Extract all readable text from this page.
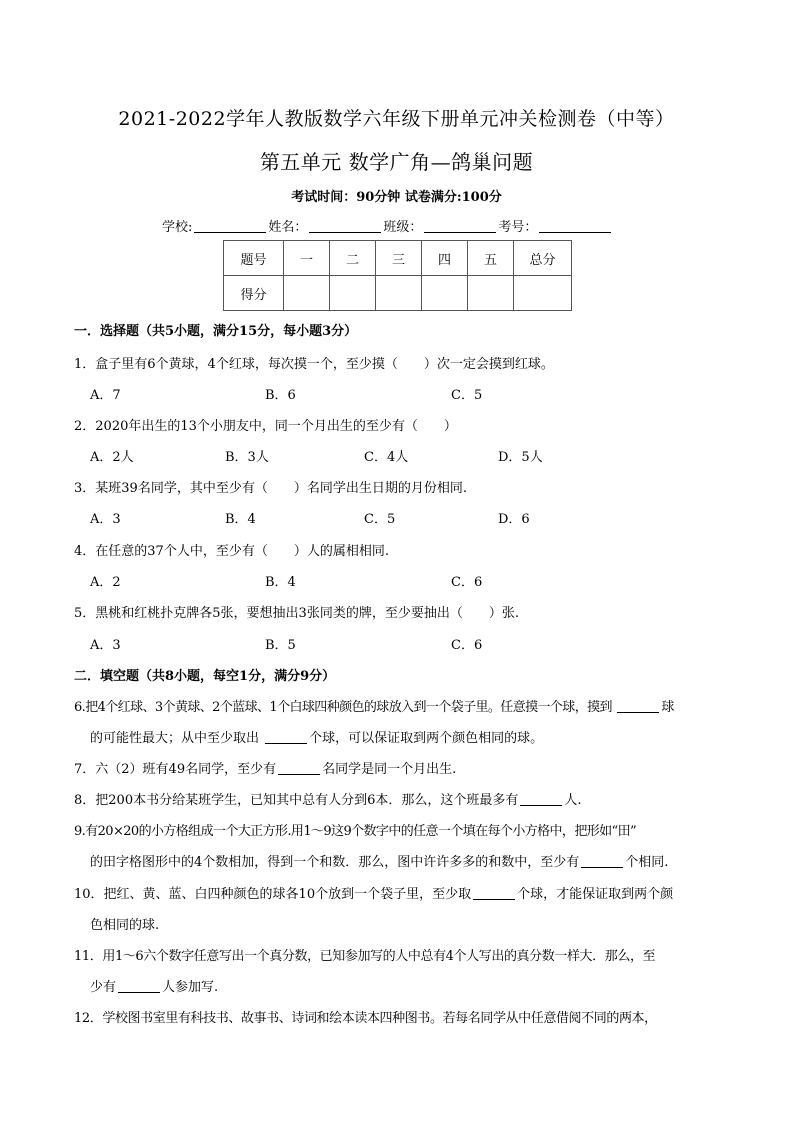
2021-2022学年人教版数学六年级下册单元冲关检测卷（中等）
第五单元 数学广角—鸽巢问题
考试时间：90分钟 试卷满分:100分
学校:	姓名：	班级：	考号：
题号	一	二	三	四	五	总分
得分						
一．选择题（共5小题，满分15分，每小题3分）
1．盒子里有6个黄球，4个红球，每次摸一个，至少摸（　　）次一定会摸到红球。
A．7	B．6	C．5
2．2020年出生的13个小朋友中，同一个月出生的至少有（　　）
A．2人	B．3人	C．4人	D．5人
3．某班39名同学，其中至少有（　　）名同学出生日期的月份相同.
A．3	B．4	C．5	D．6
4．在任意的37个人中，至少有（　　）人的属相相同.
A．2	B．4	C．6
5．黑桃和红桃扑克牌各5张，要想抽出3张同类的牌，至少要抽出（　　）张.
A．3	B．5	C．6
二．填空题（共8小题，每空1分，满分9分）
6.把4个红球、3个黄球、2个蓝球、1个白球四种颜色的球放入到一个袋子里。任意摸一个球，摸到	球
的可能性最大；从中至少取出	个球，可以保证取到两个颜色相同的球。
7．六（2）班有49名同学，至少有	名同学是同一个月出生.
8．把200本书分给某班学生，已知其中总有人分到6本．那么，这个班最多有	人.
9.有20×20的小方格组成一个大正方形.用1～9这9个数字中的任意一个填在每个小方格中，把形如“田”
的田字格图形中的4个数相加，得到一个和数．那么，图中许许多多的和数中，至少有	个相同.
10．把红、黄、蓝、白四种颜色的球各10个放到一个袋子里，至少取	个球，才能保证取到两个颜
色相同的球.
11．用1～6六个数字任意写出一个真分数，已知参加写的人中总有4个人写出的真分数一样大．那么，至
少有	人参加写.
12．学校图书室里有科技书、故事书、诗词和绘本读本四种图书。若每名同学从中任意借阅不同的两本，
